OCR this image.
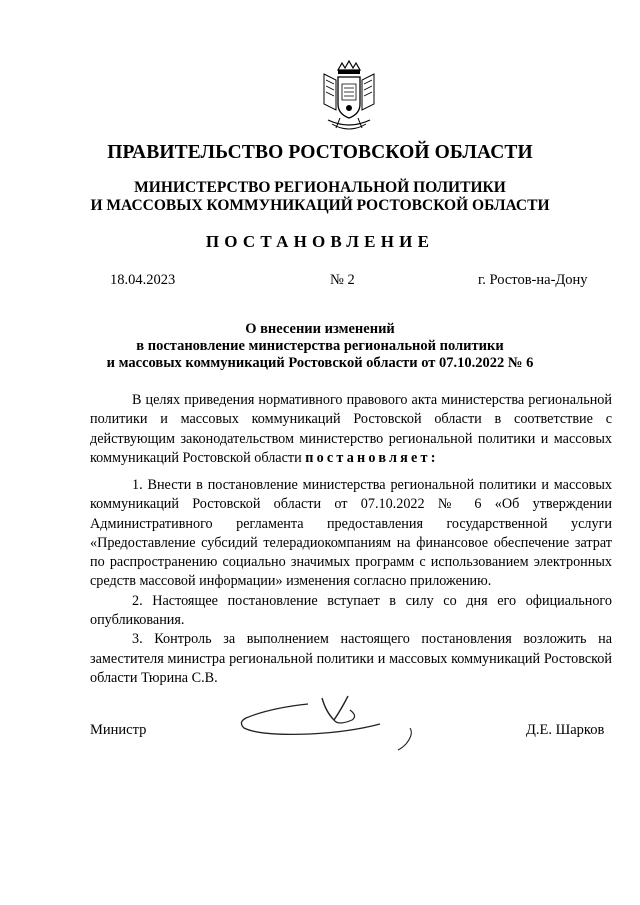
ПРАВИТЕЛЬСТВО РОСТОВСКОЙ ОБЛАСТИ
МИНИСТЕРСТВО РЕГИОНАЛЬНОЙ ПОЛИТИКИ
И МАССОВЫХ КОММУНИКАЦИЙ РОСТОВСКОЙ ОБЛАСТИ
ПОСТАНОВЛЕНИЕ
18.04.2023	№ 2	г. Ростов-на-Дону
О внесении изменений
в постановление министерства региональной политики
и массовых коммуникаций Ростовской области от 07.10.2022 № 6

В целях приведения нормативного правового акта министерства региональной политики и массовых коммуникаций Ростовской области в соответствие с действующим законодательством министерство региональной политики и массовых коммуникаций Ростовской области постановляет:

1. Внести в постановление министерства региональной политики и массовых коммуникаций Ростовской области от 07.10.2022 № 6 «Об утверждении Административного регламента предоставления государственной услуги «Предоставление субсидий телерадиокомпаниям на финансовое обеспечение затрат по распространению социально значимых программ с использованием электронных средств массовой информации» изменения согласно приложению.

2. Настоящее постановление вступает в силу со дня его официального опубликования.

3. Контроль за выполнением настоящего постановления возложить на заместителя министра региональной политики и массовых коммуникаций Ростовской области Тюрина С.В.

Министр	Д.Е. Шарков
